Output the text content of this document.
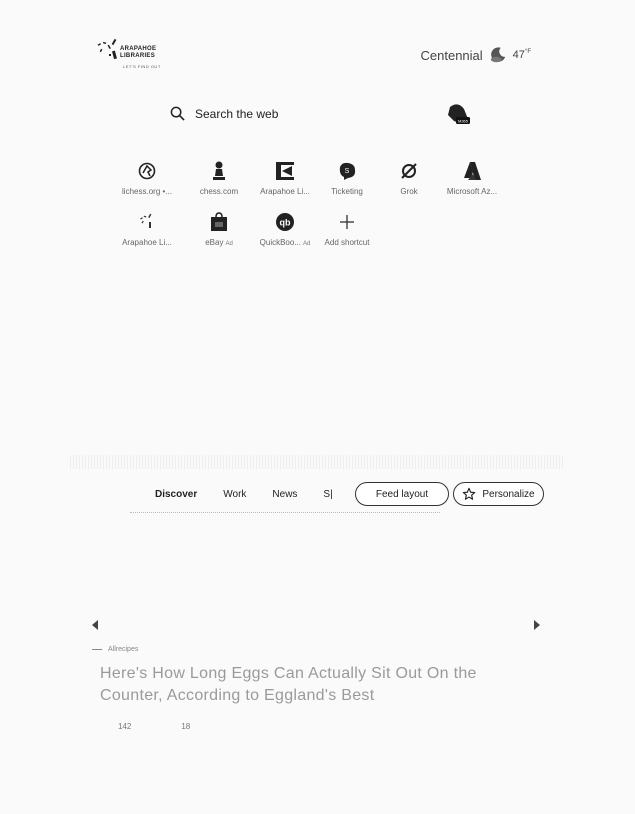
ARAPAHOE
LIBRARIES
LET'S FIND OUT
Centennial	$47^{^\circ F}$
Search the web
M365
lichess.org •...	chess.com	Arapahoe Li...
S
Ticketing	Grok	Microsoft Az...
Arapahoe Li...	eBay Ad
qb
QuickBoo... Ad Add shortcut
Discover	Work	News	S|	Feed layout	Personalize
Allrecipes
Here's How Long Eggs Can Actually Sit Out On the Counter, According to Eggland's Best
142	18
